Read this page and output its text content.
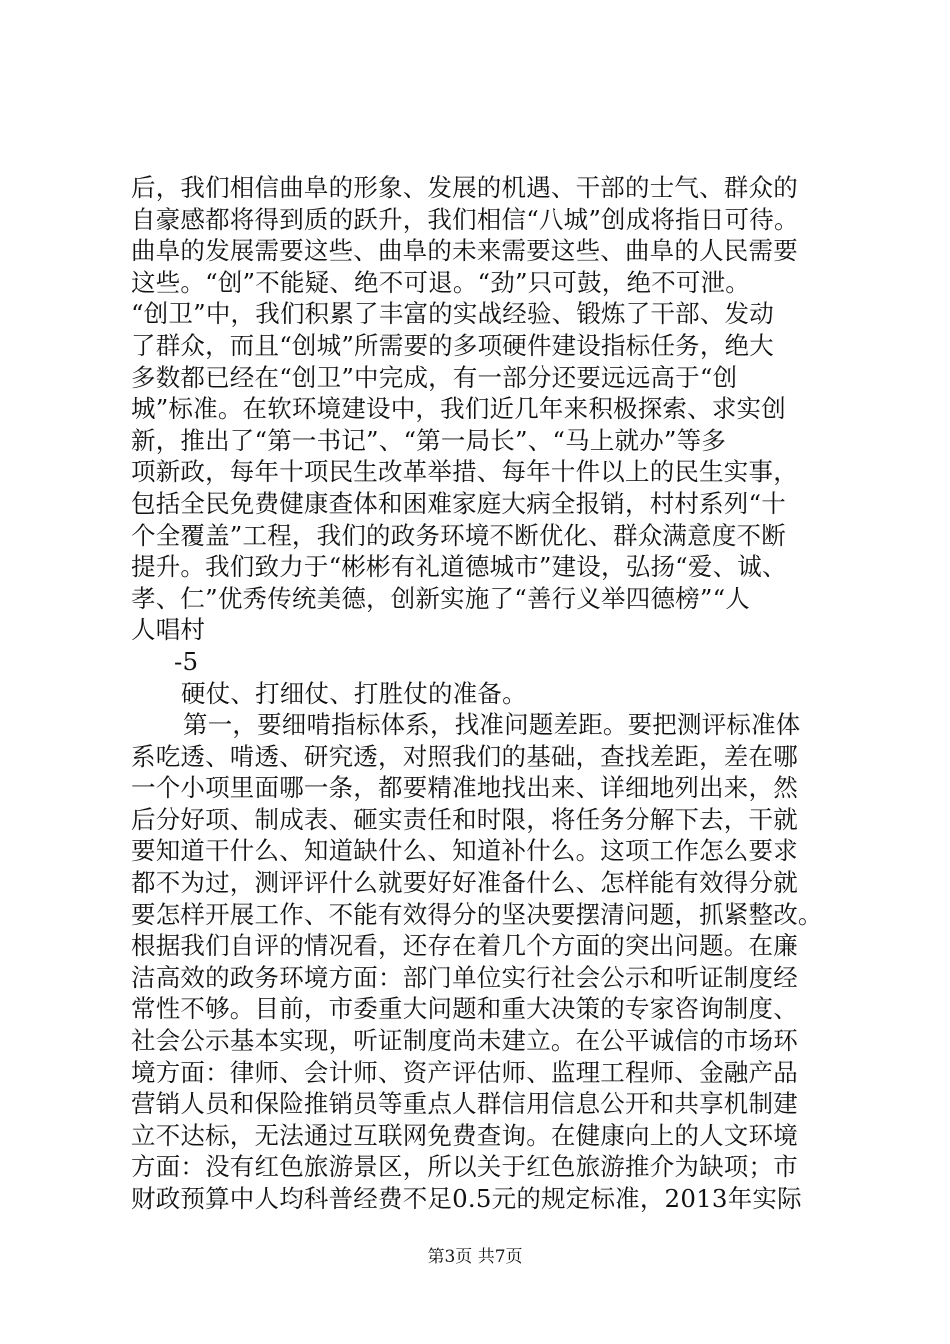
后，我们相信曲阜的形象、发展的机遇、干部的士气、群众的
自豪感都将得到质的跃升，我们相信“八城”创成将指日可待。
曲阜的发展需要这些、曲阜的未来需要这些、曲阜的人民需要
这些。“创”不能疑、绝不可退。“劲”只可鼓，绝不可泄。
“创卫”中，我们积累了丰富的实战经验、锻炼了干部、发动
了群众，而且“创城”所需要的多项硬件建设指标任务，绝大
多数都已经在“创卫”中完成，有一部分还要远远高于“创
城”标准。在软环境建设中，我们近几年来积极探索、求实创
新，推出了“第一书记”、“第一局长”、“马上就办”等多
项新政，每年十项民生改革举措、每年十件以上的民生实事，
包括全民免费健康查体和困难家庭大病全报销，村村系列“十
个全覆盖”工程，我们的政务环境不断优化、群众满意度不断
提升。我们致力于“彬彬有礼道德城市”建设，弘扬“爱、诚、
孝、仁”优秀传统美德，创新实施了“善行义举四德榜”“人
人唱村
-5
硬仗、打细仗、打胜仗的准备。
第一，要细啃指标体系，找准问题差距。要把测评标准体
系吃透、啃透、研究透，对照我们的基础，查找差距，差在哪
一个小项里面哪一条，都要精准地找出来、详细地列出来，然
后分好项、制成表、砸实责任和时限，将任务分解下去，干就
要知道干什么、知道缺什么、知道补什么。这项工作怎么要求
都不为过，测评评什么就要好好准备什么、怎样能有效得分就
要怎样开展工作、不能有效得分的坚决要摆清问题，抓紧整改。
根据我们自评的情况看，还存在着几个方面的突出问题。在廉
洁高效的政务环境方面：部门单位实行社会公示和听证制度经
常性不够。目前，市委重大问题和重大决策的专家咨询制度、
社会公示基本实现，听证制度尚未建立。在公平诚信的市场环
境方面：律师、会计师、资产评估师、监理工程师、金融产品
营销人员和保险推销员等重点人群信用信息公开和共享机制建
立不达标，无法通过互联网免费查询。在健康向上的人文环境
方面：没有红色旅游景区，所以关于红色旅游推介为缺项；市
财政预算中人均科普经费不足0.5元的规定标准，2013年实际
第3页 共7页
